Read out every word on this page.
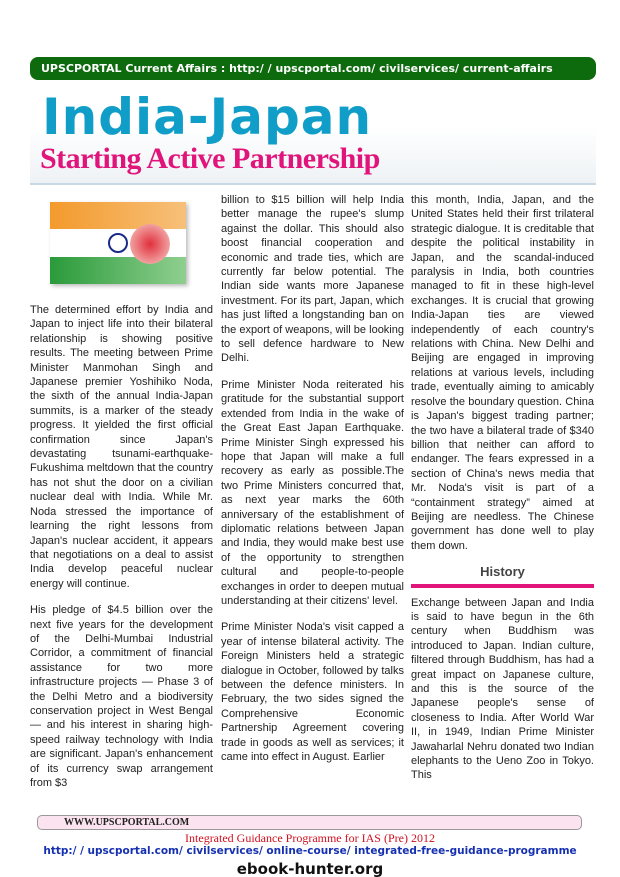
UPSCPORTAL Current Affairs : http:/ / upscportal.com/ civilservices/ current-affairs
India-Japan
Starting Active Partnership

The determined effort by India and Japan to inject life into their bilateral relationship is showing positive results. The meeting between Prime Minister Manmohan Singh and Japanese premier Yoshihiko Noda, the sixth of the annual India-Japan summits, is a marker of the steady progress. It yielded the first official confirmation since Japan's devastating tsunami-earthquake-Fukushima meltdown that the country has not shut the door on a civilian nuclear deal with India. While Mr. Noda stressed the importance of learning the right lessons from Japan's nuclear accident, it appears that negotiations on a deal to assist India develop peaceful nuclear energy will continue.

His pledge of $4.5 billion over the next five years for the development of the Delhi-Mumbai Industrial Corridor, a commitment of financial assistance for two more infrastructure projects — Phase 3 of the Delhi Metro and a biodiversity conservation project in West Bengal — and his interest in sharing high-speed railway technology with India are significant. Japan's enhancement of its currency swap arrangement from $3

billion to $15 billion will help India better manage the rupee's slump against the dollar. This should also boost financial cooperation and economic and trade ties, which are currently far below potential. The Indian side wants more Japanese investment. For its part, Japan, which has just lifted a longstanding ban on the export of weapons, will be looking to sell defence hardware to New Delhi.

Prime Minister Noda reiterated his gratitude for the substantial support extended from India in the wake of the Great East Japan Earthquake. Prime Minister Singh expressed his hope that Japan will make a full recovery as early as possible.The two Prime Ministers concurred that, as next year marks the 60th anniversary of the establishment of diplomatic relations between Japan and India, they would make best use of the opportunity to strengthen cultural and people-to-people exchanges in order to deepen mutual understanding at their citizens' level.

Prime Minister Noda's visit capped a year of intense bilateral activity. The Foreign Ministers held a strategic dialogue in October, followed by talks between the defence ministers. In February, the two sides signed the Comprehensive Economic Partnership Agreement covering trade in goods as well as services; it came into effect in August. Earlier

this month, India, Japan, and the United States held their first trilateral strategic dialogue. It is creditable that despite the political instability in Japan, and the scandal-induced paralysis in India, both countries managed to fit in these high-level exchanges. It is crucial that growing India-Japan ties are viewed independently of each country's relations with China. New Delhi and Beijing are engaged in improving relations at various levels, including trade, eventually aiming to amicably resolve the boundary question. China is Japan's biggest trading partner; the two have a bilateral trade of $340 billion that neither can afford to endanger. The fears expressed in a section of China's news media that Mr. Noda's visit is part of a “containment strategy” aimed at Beijing are needless. The Chinese government has done well to play them down.

History

Exchange between Japan and India is said to have begun in the 6th century when Buddhism was introduced to Japan. Indian culture, filtered through Buddhism, has had a great impact on Japanese culture, and this is the source of the Japanese people's sense of closeness to India. After World War II, in 1949, Indian Prime Minister Jawaharlal Nehru donated two Indian elephants to the Ueno Zoo in Tokyo. This

WWW.UPSCPORTAL.COM
Integrated Guidance Programme for IAS (Pre) 2012
http:/ / upscportal.com/ civilservices/ online-course/ integrated-free-guidance-programme
ebook-hunter.org
